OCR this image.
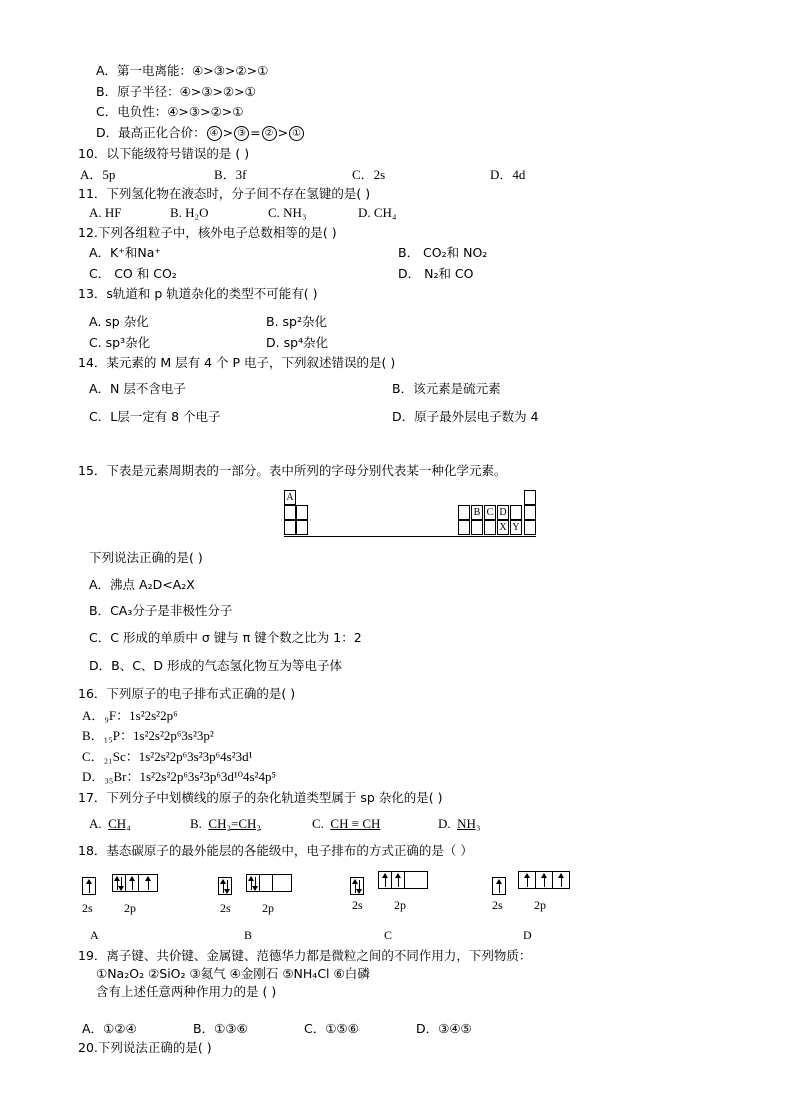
A．第一电离能：④>③>②>①
B．原子半径：④>③>②>①
C．电负性：④>③>②>①
D．最高正化合价： ④ > ③ = ② > ①
10．以下能级符号错误的是 ( )
A．5p	B．3f	C．2s	D．4d
11．下列氢化物在液态时，分子间不存在氢键的是( )
A. HF	B. H₂O	C. NH₃	D. CH₄
12.下列各组粒子中，核外电子总数相等的是( )
A．K⁺和Na⁺	B． CO₂和 NO₂
C． CO 和 CO₂	D． N₂和 CO
13．s轨道和 p 轨道杂化的类型不可能有( )
A. sp 杂化	B. sp²杂化
C. sp³杂化	D. sp⁴杂化
14．某元素的 M 层有 4 个 P 电子，下列叙述错误的是( )
A．N 层不含电子	B．该元素是硫元素
C．L层一定有 8 个电子	D．原子最外层电子数为 4
15．下表是元素周期表的一部分。表中所列的字母分别代表某一种化学元素。
A
B C D
X Y
下列说法正确的是( )
A．沸点 A₂D<A₂X
B．CA₃分子是非极性分子
C．C 形成的单质中 σ 键与 π 键个数之比为 1：2
D．B、C、D 形成的气态氢化物互为等电子体
16．下列原子的电子排布式正确的是( )
A．₉F：1s²2s²2p⁶
B．₁₅P：1s²2s²2p⁶3s²3p²
C．₂₁Sc：1s²2s²2p⁶3s²3p⁶4s²3d¹
D．₃₅Br：1s²2s²2p⁶3s²3p⁶3d¹⁰4s²4p⁵
17．下列分子中划横线的原子的杂化轨道类型属于 sp 杂化的是( )
A. CH₄	B. CH₂=CH₂	C. CH ≡ CH	D. NH₃
18．基态碳原子的最外能层的各能级中，电子排布的方式正确的是（ ）
2s	2p
A
2s	2p
B
2s	2p
C
2s	2p
D
19．离子键、共价键、金属键、范德华力都是微粒之间的不同作用力，下列物质：
①Na₂O₂ ②SiO₂ ③氦气 ④金刚石 ⑤NH₄Cl ⑥白磷
含有上述任意两种作用力的是 ( )
A．①②④	B．①③⑥	C．①⑤⑥	D．③④⑤
20.下列说法正确的是( )
